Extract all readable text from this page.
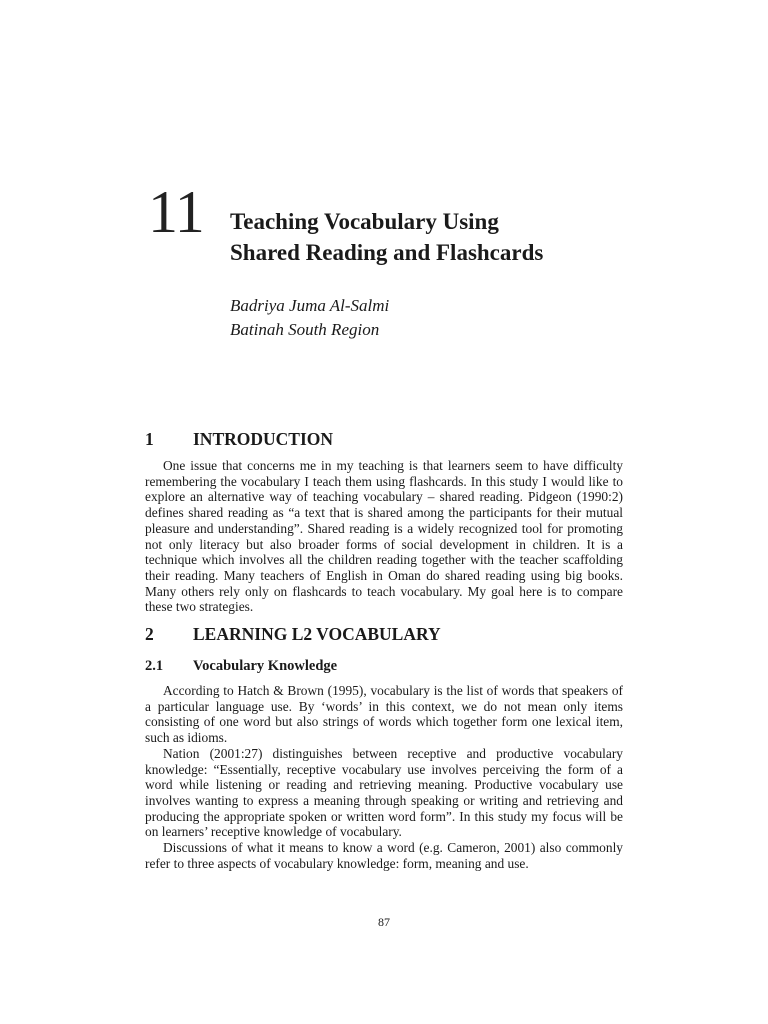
11 Teaching Vocabulary Using
Shared Reading and Flashcards
Badriya Juma Al-Salmi
Batinah South Region
1	INTRODUCTION

One issue that concerns me in my teaching is that learners seem to have difficulty remembering the vocabulary I teach them using flashcards. In this study I would like to explore an alternative way of teaching vocabulary – shared reading. Pidgeon (1990:2) defines shared reading as “a text that is shared among the participants for their mutual pleasure and understanding”. Shared reading is a widely recognized tool for promoting not only literacy but also broader forms of social development in children. It is a technique which involves all the children reading together with the teacher scaffolding their reading. Many teachers of English in Oman do shared reading using big books. Many others rely only on flashcards to teach vocabulary. My goal here is to compare these two strategies.

2	LEARNING L2 VOCABULARY
2.1	Vocabulary Knowledge

According to Hatch & Brown (1995), vocabulary is the list of words that speakers of a particular language use. By ‘words’ in this context, we do not mean only items consisting of one word but also strings of words which together form one lexical item, such as idioms.

Nation (2001:27) distinguishes between receptive and productive vocabulary knowledge: “Essentially, receptive vocabulary use involves perceiving the form of a word while listening or reading and retrieving meaning. Productive vocabulary use involves wanting to express a meaning through speaking or writing and retrieving and producing the appropriate spoken or written word form”. In this study my focus will be on learners’ receptive knowledge of vocabulary.

Discussions of what it means to know a word (e.g. Cameron, 2001) also commonly refer to three aspects of vocabulary knowledge: form, meaning and use.

87
